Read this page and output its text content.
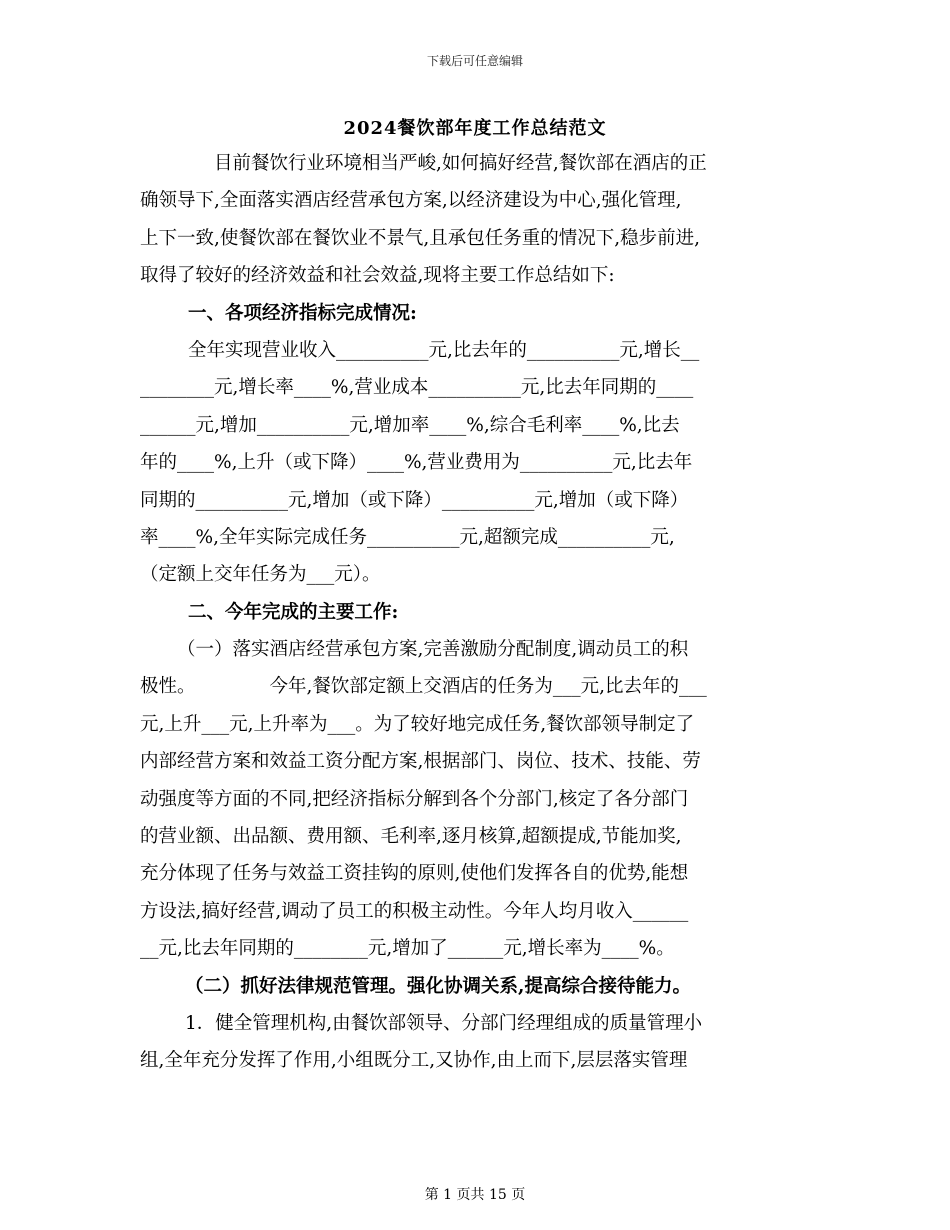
下载后可任意编辑
2024餐饮部年度工作总结范文
目前餐饮行业环境相当严峻,如何搞好经营,餐饮部在酒店的正
确领导下,全面落实酒店经营承包方案,以经济建设为中心,强化管理,
上下一致,使餐饮部在餐饮业不景气,且承包任务重的情况下,稳步前进,
取得了较好的经济效益和社会效益,现将主要工作总结如下:
一、各项经济指标完成情况:
全年实现营业收入__________元,比去年的__________元,增长__
________元,增长率____%,营业成本__________元,比去年同期的____
______元,增加__________元,增加率____%,综合毛利率____%,比去
年的____%,上升（或下降）____%,营业费用为__________元,比去年
同期的__________元,增加（或下降）__________元,增加（或下降）
率____%,全年实际完成任务__________元,超额完成__________元,
（定额上交年任务为___元）。
二、今年完成的主要工作:
（一）落实酒店经营承包方案,完善激励分配制度,调动员工的积
极性。	今年,餐饮部定额上交酒店的任务为___元,比去年的___
元,上升___元,上升率为___。为了较好地完成任务,餐饮部领导制定了
内部经营方案和效益工资分配方案,根据部门、岗位、技术、技能、劳
动强度等方面的不同,把经济指标分解到各个分部门,核定了各分部门
的营业额、出品额、费用额、毛利率,逐月核算,超额提成,节能加奖,
充分体现了任务与效益工资挂钩的原则,使他们发挥各自的优势,能想
方设法,搞好经营,调动了员工的积极主动性。今年人均月收入______
__元,比去年同期的________元,增加了______元,增长率为____%。
（二）抓好法律规范管理。强化协调关系,提高综合接待能力。
1．健全管理机构,由餐饮部领导、分部门经理组成的质量管理小
组,全年充分发挥了作用,小组既分工,又协作,由上而下,层层落实管理
第 1 页共 15 页
